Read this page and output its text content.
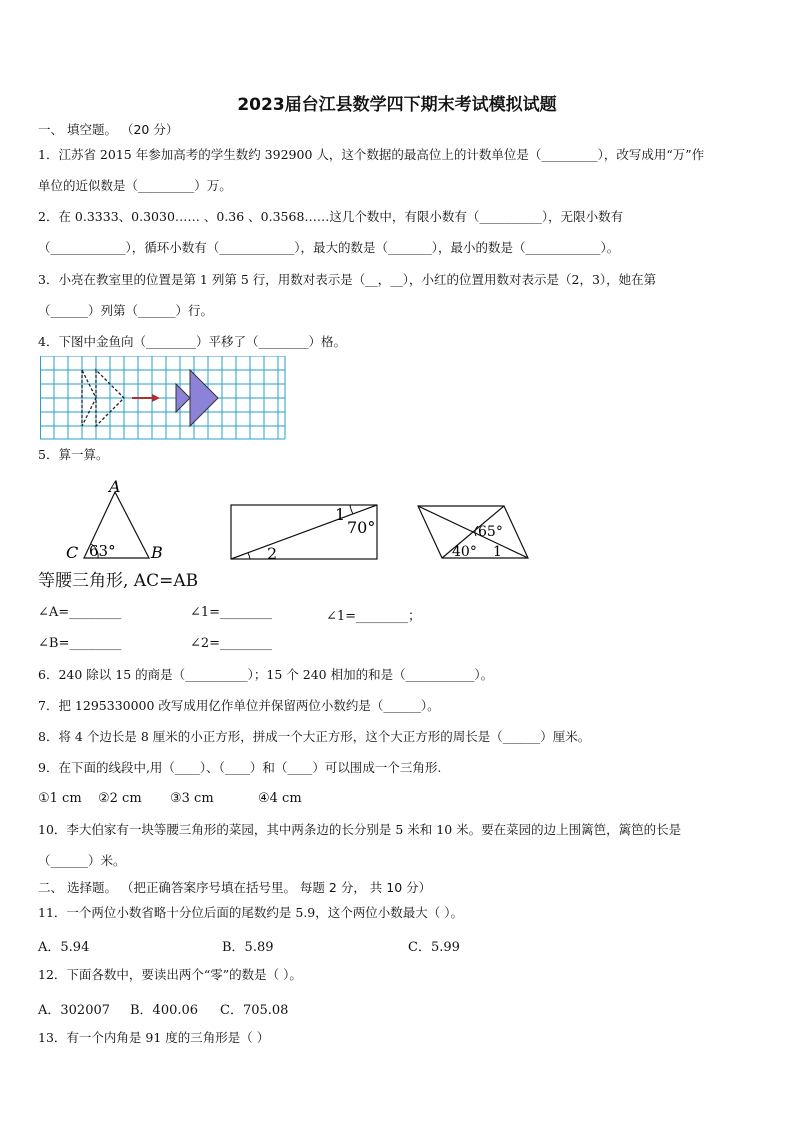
2023届台江县数学四下期末考试模拟试题
一、 填空题。 （20 分）
1．江苏省 2015 年参加高考的学生数约 392900 人，这个数据的最高位上的计数单位是（_________），改写成用“万”作
单位的近似数是（_________）万。
2．在 0.3333、0.3030…… 、0.36 、0.3568……这几个数中，有限小数有（__________），无限小数有
（____________），循环小数有（____________），最大的数是（_______），最小的数是（____________）。
3．小亮在教室里的位置是第 1 列第 5 行，用数对表示是（__，__），小红的位置用数对表示是（2，3），她在第
（______）列第（______）行。
4．下图中金鱼向（________）平移了（________）格。
5．算一算。
A
C 63° B
1
70°
2
65°
40° 1
等腰三角形, AC=AB
∠A=________	∠1=________	∠1=________；
∠B=________	∠2=________
6．240 除以 15 的商是（__________）；15 个 240 相加的和是（___________）。
7．把 1295330000 改写成用亿作单位并保留两位小数约是（______）。
8．将 4 个边长是 8 厘米的小正方形，拼成一个大正方形，这个大正方形的周长是（______）厘米。
9．在下面的线段中,用（____）、（____）和（____）可以围成一个三角形.
①1 cm ②2 cm ③3 cm	④4 cm
10．李大伯家有一块等腰三角形的菜园，其中两条边的长分别是 5 米和 10 米。要在菜园的边上围篱笆，篱笆的长是
（______）米。
二、 选择题。 （把正确答案序号填在括号里。 每题 2 分， 共 10 分）
11．一个两位小数省略十分位后面的尾数约是 5.9，这个两位小数最大（ ）。
A．5.94	B．5.89	C．5.99
12．下面各数中，要读出两个“零”的数是（ ）。
A．302007 B．400.06 C．705.08
13．有一个内角是 91 度的三角形是（ ）
